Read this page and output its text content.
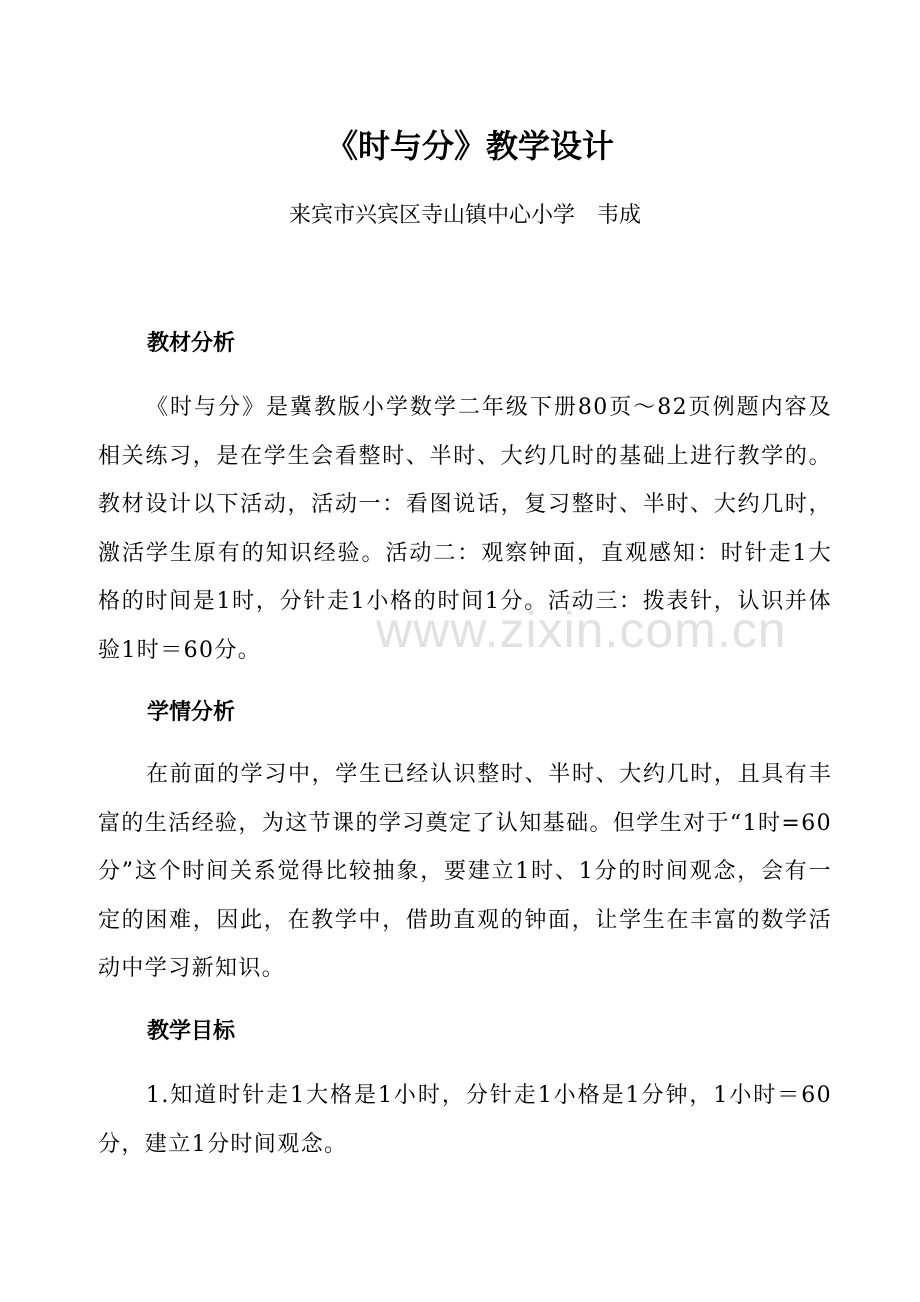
《时与分》教学设计

来宾市兴宾区寺山镇中心小学　韦成

教材分析

《时与分》是冀教版小学数学二年级下册80页～82页例题内容及相关练习，是在学生会看整时、半时、大约几时的基础上进行教学的。教材设计以下活动，活动一：看图说话，复习整时、半时、大约几时，激活学生原有的知识经验。活动二：观察钟面，直观感知：时针走1大格的时间是1时，分针走1小格的时间1分。活动三：拨表针，认识并体验1时＝60分。

学情分析

在前面的学习中，学生已经认识整时、半时、大约几时，且具有丰富的生活经验，为这节课的学习奠定了认知基础。但学生对于“1时=60分”这个时间关系觉得比较抽象，要建立1时、1分的时间观念，会有一定的困难，因此，在教学中，借助直观的钟面，让学生在丰富的数学活动中学习新知识。

教学目标

1.知道时针走1大格是1小时，分针走1小格是1分钟，1小时＝60分，建立1分时间观念。

www.zixin.com.cn
